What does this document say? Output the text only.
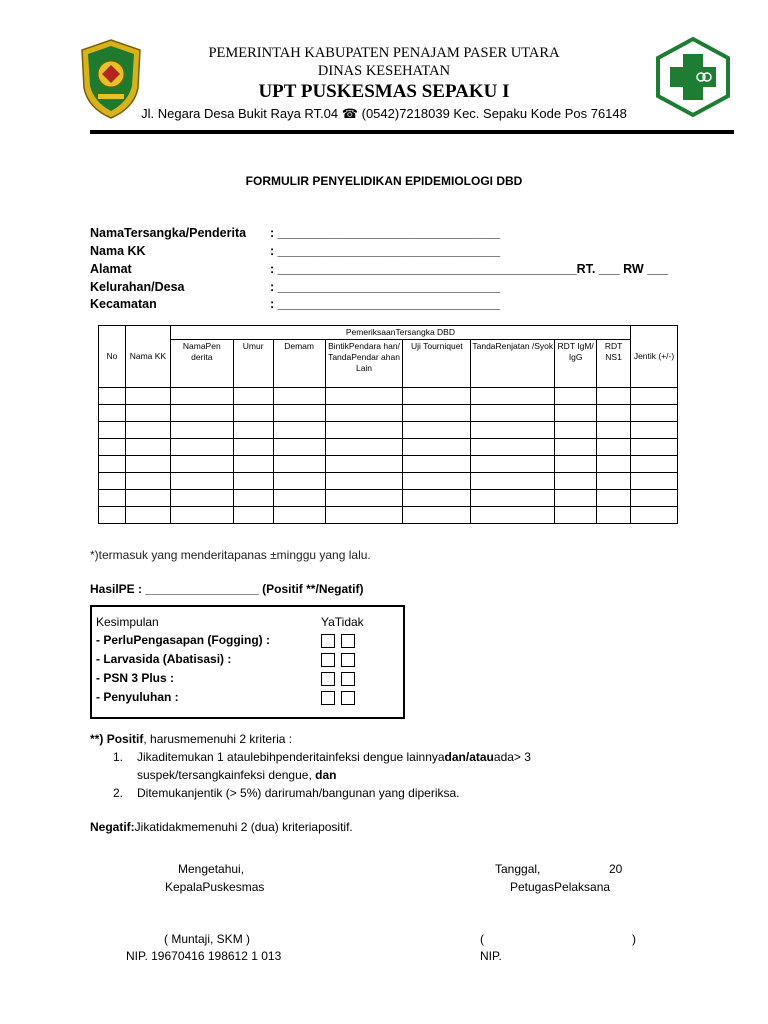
PEMERINTAH KABUPATEN PENAJAM PASER UTARA
DINAS KESEHATAN
UPT PUSKESMAS SEPAKU I
Jl. Negara Desa Bukit Raya RT.04 ☎ (0542)7218039 Kec. Sepaku Kode Pos 76148
FORMULIR PENYELIDIKAN EPIDEMIOLOGI DBD
NamaTersangka/Penderita : ________________________________
Nama KK	: ________________________________
Alamat	: ___________________________________________RT. ___ RW ___
Kelurahan/Desa	: ________________________________
Kecamatan	: ________________________________
No	Nama KK	PemeriksaanTersangka DBD								Jentik (+/-)
		NamaPen derita	Umur	Demam	BintikPendara han/ TandaPendar ahan Lain	Uji Tourniquet	TandaRenjatan /Syok	RDT IgM/ IgG	RDT NS1	

*)termasuk yang menderitapanas ±minggu yang lalu.
HasilPE : _________________ (Positif **/Negatif)
Kesimpulan	YaTidak
- PerluPengasapan (Fogging) :
- Larvasida (Abatisasi) :
- PSN 3 Plus :
- Penyuluhan :
**) Positif, harusmemenuhi 2 kriteria :
1. Jikaditemukan 1 ataulebihpenderitainfeksi dengue lainnyadan/atauada> 3
suspek/tersangkainfeksi dengue, dan
2. Ditemukanjentik (> 5%) darirumah/bangunan yang diperiksa.
Negatif:Jikatidakmemenuhi 2 (dua) kriteriapositif.
Mengetahui,
KepalaPuskesmas
( Muntaji, SKM )
NIP. 19670416 198612 1 013
Tanggal,	20
PetugasPelaksana
(	)
NIP.
